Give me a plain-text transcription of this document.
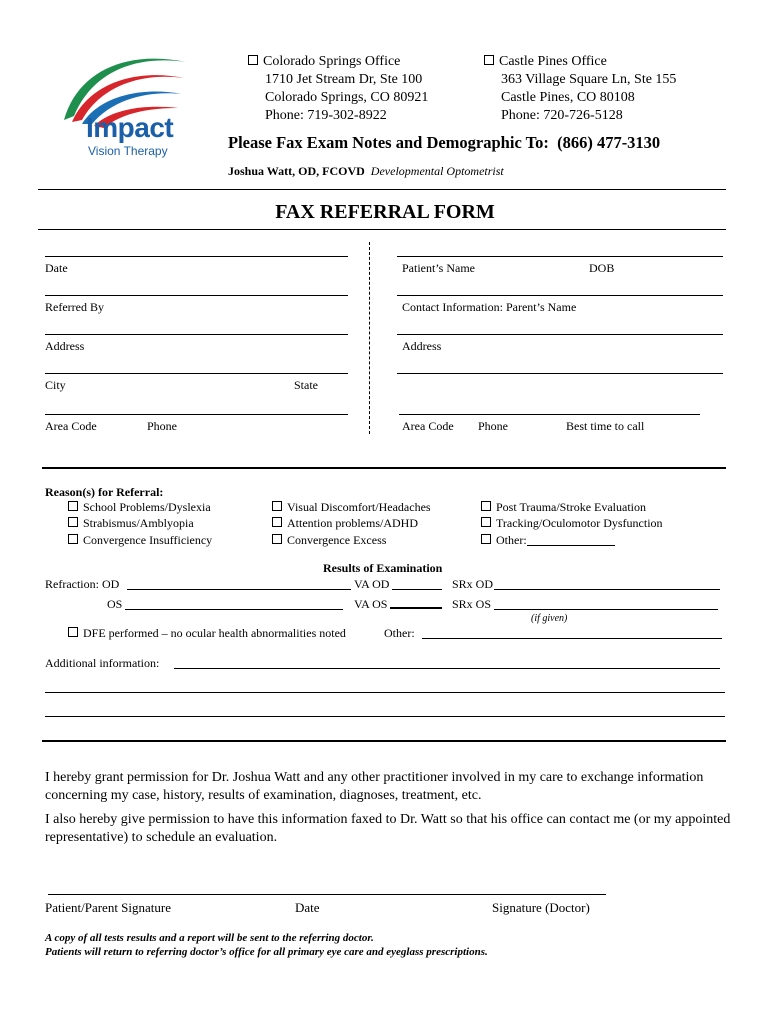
Impact
Vision Therapy
Colorado Springs Office
1710 Jet Stream Dr, Ste 100
Colorado Springs, CO 80921
Phone: 719-302-8922
Castle Pines Office
363 Village Square Ln, Ste 155
Castle Pines, CO 80108
Phone: 720-726-5128
Please Fax Exam Notes and Demographic To:  (866) 477-3130
Joshua Watt, OD, FCOVD Developmental Optometrist
FAX REFERRAL FORM
Date
Referred By
Address
City	State
Area Code	Phone
Patient’s Name	DOB
Contact Information: Parent’s Name
Address
Area Code Phone	Best time to call
Reason(s) for Referral:
School Problems/Dyslexia
Strabismus/Amblyopia
Convergence Insufficiency
Visual Discomfort/Headaches
Attention problems/ADHD
Convergence Excess
Post Trauma/Stroke Evaluation
Tracking/Oculomotor Dysfunction
Other:
Results of Examination
Refraction: OD	VA OD	SRx OD
OS	VA OS	SRx OS
(if given)
DFE performed – no ocular health abnormalities noted	Other:
Additional information:
I hereby grant permission for Dr. Joshua Watt and any other practitioner involved in my care to exchange information concerning my case, history, results of examination, diagnoses, treatment, etc.
I also hereby give permission to have this information faxed to Dr. Watt so that his office can contact me (or my appointed representative) to schedule an evaluation.
Patient/Parent Signature	Date	Signature (Doctor)
A copy of all tests results and a report will be sent to the referring doctor.
Patients will return to referring doctor’s office for all primary eye care and eyeglass prescriptions.
